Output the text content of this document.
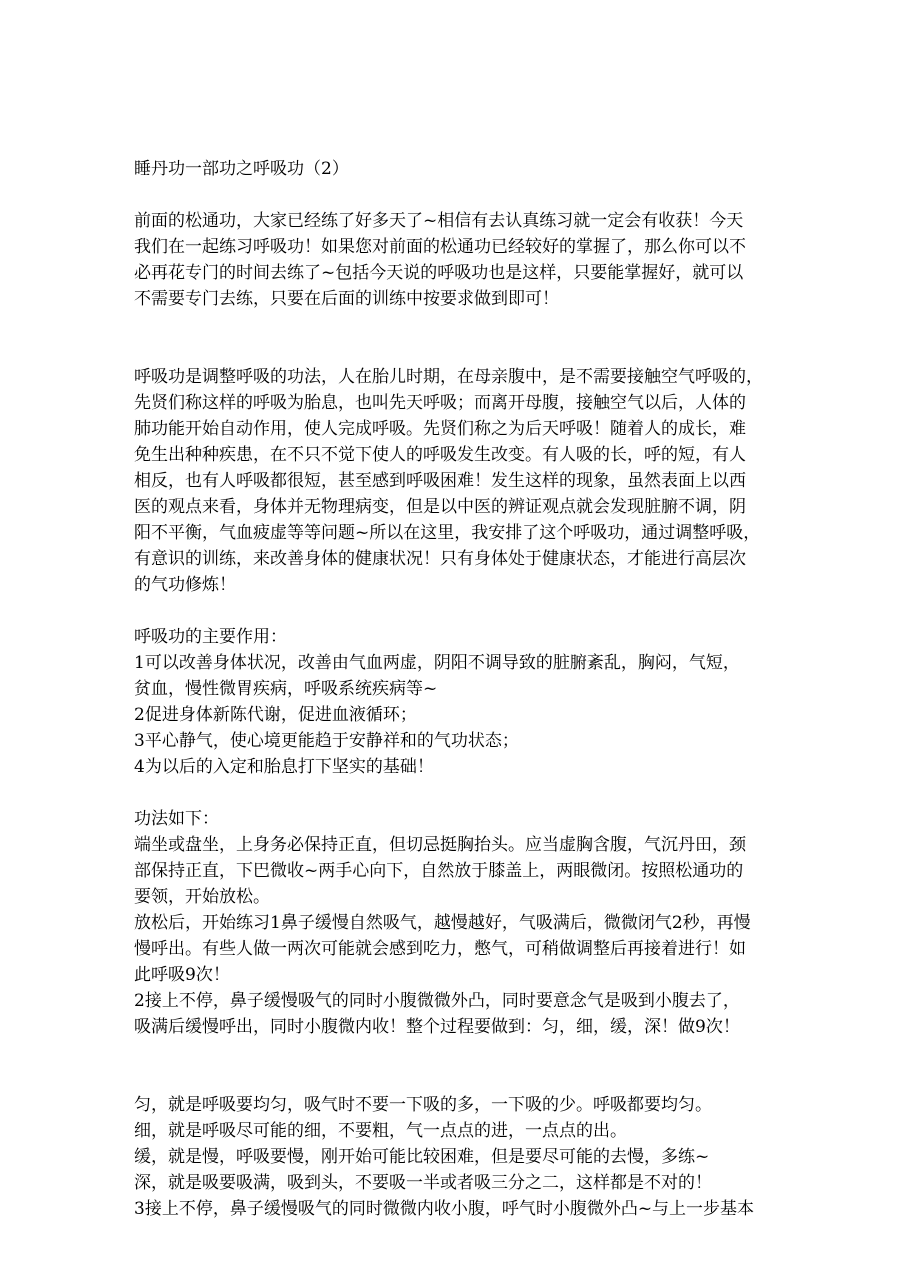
睡丹功一部功之呼吸功（2）
前面的松通功，大家已经练了好多天了~相信有去认真练习就一定会有收获！今天
我们在一起练习呼吸功！如果您对前面的松通功已经较好的掌握了，那么你可以不
必再花专门的时间去练了~包括今天说的呼吸功也是这样，只要能掌握好，就可以
不需要专门去练，只要在后面的训练中按要求做到即可！
呼吸功是调整呼吸的功法，人在胎儿时期，在母亲腹中，是不需要接触空气呼吸的，
先贤们称这样的呼吸为胎息，也叫先天呼吸；而离开母腹，接触空气以后，人体的
肺功能开始自动作用，使人完成呼吸。先贤们称之为后天呼吸！随着人的成长，难
免生出种种疾患，在不只不觉下使人的呼吸发生改变。有人吸的长，呼的短，有人
相反，也有人呼吸都很短，甚至感到呼吸困难！发生这样的现象，虽然表面上以西
医的观点来看，身体并无物理病变，但是以中医的辨证观点就会发现脏腑不调，阴
阳不平衡，气血疲虚等等问题~所以在这里，我安排了这个呼吸功，通过调整呼吸，
有意识的训练，来改善身体的健康状况！只有身体处于健康状态，才能进行高层次
的气功修炼！
呼吸功的主要作用：
1可以改善身体状况，改善由气血两虚，阴阳不调导致的脏腑紊乱，胸闷，气短，
贫血，慢性微胃疾病，呼吸系统疾病等~
2促进身体新陈代谢，促进血液循环；
3平心静气，使心境更能趋于安静祥和的气功状态；
4为以后的入定和胎息打下坚实的基础！
功法如下：
端坐或盘坐，上身务必保持正直，但切忌挺胸抬头。应当虚胸含腹，气沉丹田，颈
部保持正直，下巴微收~两手心向下，自然放于膝盖上，两眼微闭。按照松通功的
要领，开始放松。
放松后，开始练习1鼻子缓慢自然吸气，越慢越好，气吸满后，微微闭气2秒，再慢
慢呼出。有些人做一两次可能就会感到吃力，憋气，可稍做调整后再接着进行！如
此呼吸9次！
2接上不停，鼻子缓慢吸气的同时小腹微微外凸，同时要意念气是吸到小腹去了，
吸满后缓慢呼出，同时小腹微内收！整个过程要做到：匀，细，缓，深！做9次！
匀，就是呼吸要均匀，吸气时不要一下吸的多，一下吸的少。呼吸都要均匀。
细，就是呼吸尽可能的细，不要粗，气一点点的进，一点点的出。
缓，就是慢，呼吸要慢，刚开始可能比较困难，但是要尽可能的去慢，多练~
深，就是吸要吸满，吸到头，不要吸一半或者吸三分之二，这样都是不对的！
3接上不停，鼻子缓慢吸气的同时微微内收小腹，呼气时小腹微外凸~与上一步基本
